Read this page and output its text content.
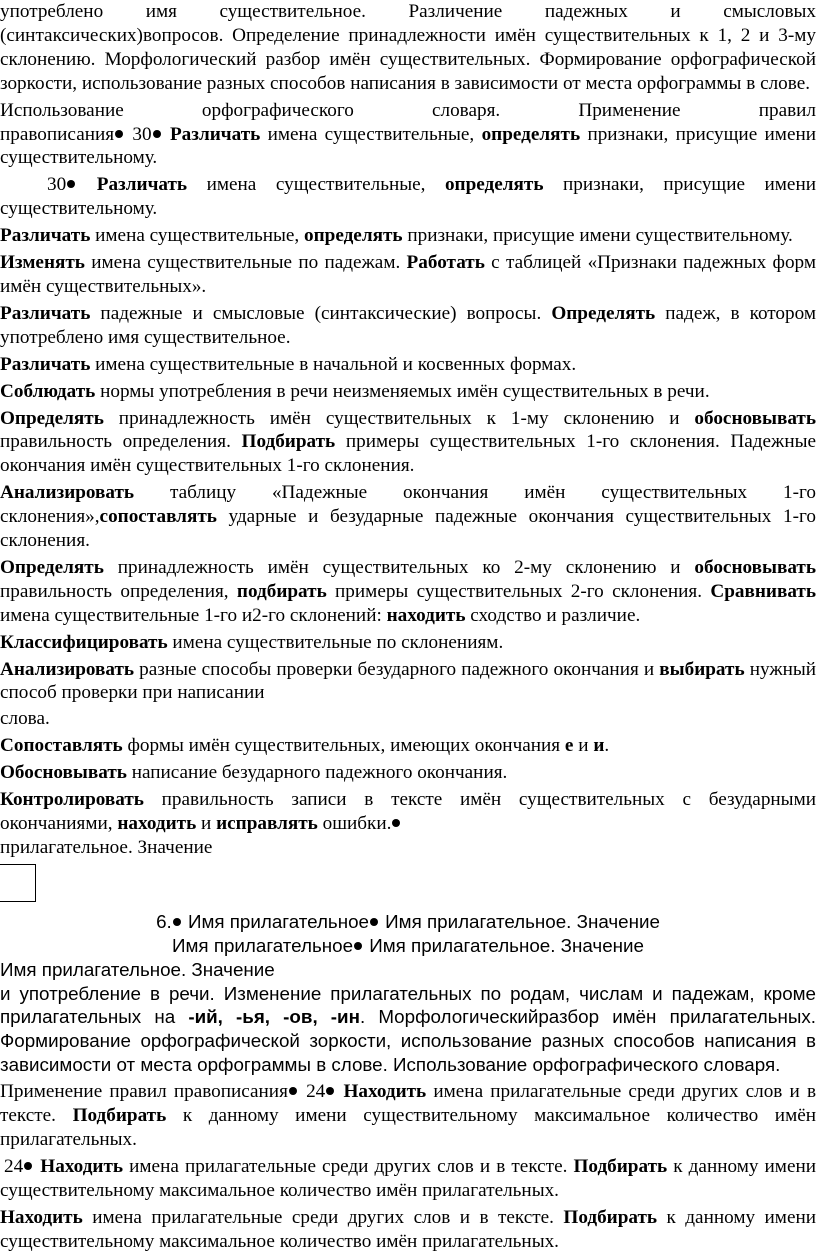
употреблено имя существительное. Различение падежных и смысловых (синтаксических)вопросов. Определение принадлежности имён существительных к 1, 2 и 3-му склонению. Морфологический разбор имён существительных. Формирование орфографической зоркости, использование разных способов написания в зависимости от места орфограммы в слове.

Использование орфографического словаря. Применение правил

правописания 30 Различать имена существительные, определять признаки, присущие имени существительному.

30 Различать имена существительные, определять признаки, присущие имени существительному.

Различать имена существительные, определять признаки, присущие имени существительному.

Изменять имена существительные по падежам. Работать с таблицей «Признаки падежных форм имён существительных».

Различать падежные и смысловые (синтаксические) вопросы. Определять падеж, в котором употреблено имя существительное.

Различать имена существительные в начальной и косвенных формах.

Соблюдать нормы употребления в речи неизменяемых имён существительных в речи.

Определять принадлежность имён существительных к 1-му склонению и обосновывать правильность определения. Подбирать примеры существительных 1-го склонения. Падежные окончания имён существительных 1-го склонения.

Анализировать таблицу «Падежные окончания имён существительных 1-го склонения»,сопоставлять ударные и безударные падежные окончания существительных 1-го склонения.

Определять принадлежность имён существительных ко 2-му склонению и обосновывать правильность определения, подбирать примеры существительных 2-го склонения. Сравнивать имена существительные 1-го и2-го склонений: находить сходство и различие.

Классифицировать имена существительные по склонениям.

Анализировать разные способы проверки безударного падежного окончания и выбирать нужный способ проверки при написании

слова.

Сопоставлять формы имён существительных, имеющих окончания е и и.

Обосновывать написание безударного падежного окончания.

Контролировать правильность записи в тексте имён существительных с безударными окончаниями, находить и исправлять ошибки.

прилагательное. Значение

6. Имя прилагательное Имя прилагательное. Значение

Имя прилагательное Имя прилагательное. Значение

Имя прилагательное. Значение

и употребление в речи. Изменение прилагательных по родам, числам и падежам, кроме прилагательных на -ий, -ья, -ов, -ин. Морфологическийразбор имён прилагательных. Формирование орфографической зоркости, использование разных способов написания в зависимости от места орфограммы в слове. Использование орфографического словаря.

Применение правил правописания 24 Находить имена прилагательные среди других слов и в тексте. Подбирать к данному имени существительному максимальное количество имён прилагательных.

24 Находить имена прилагательные среди других слов и в тексте. Подбирать к данному имени существительному максимальное количество имён прилагательных.

Находить имена прилагательные среди других слов и в тексте. Подбирать к данному имени существительному максимальное количество имён прилагательных.
